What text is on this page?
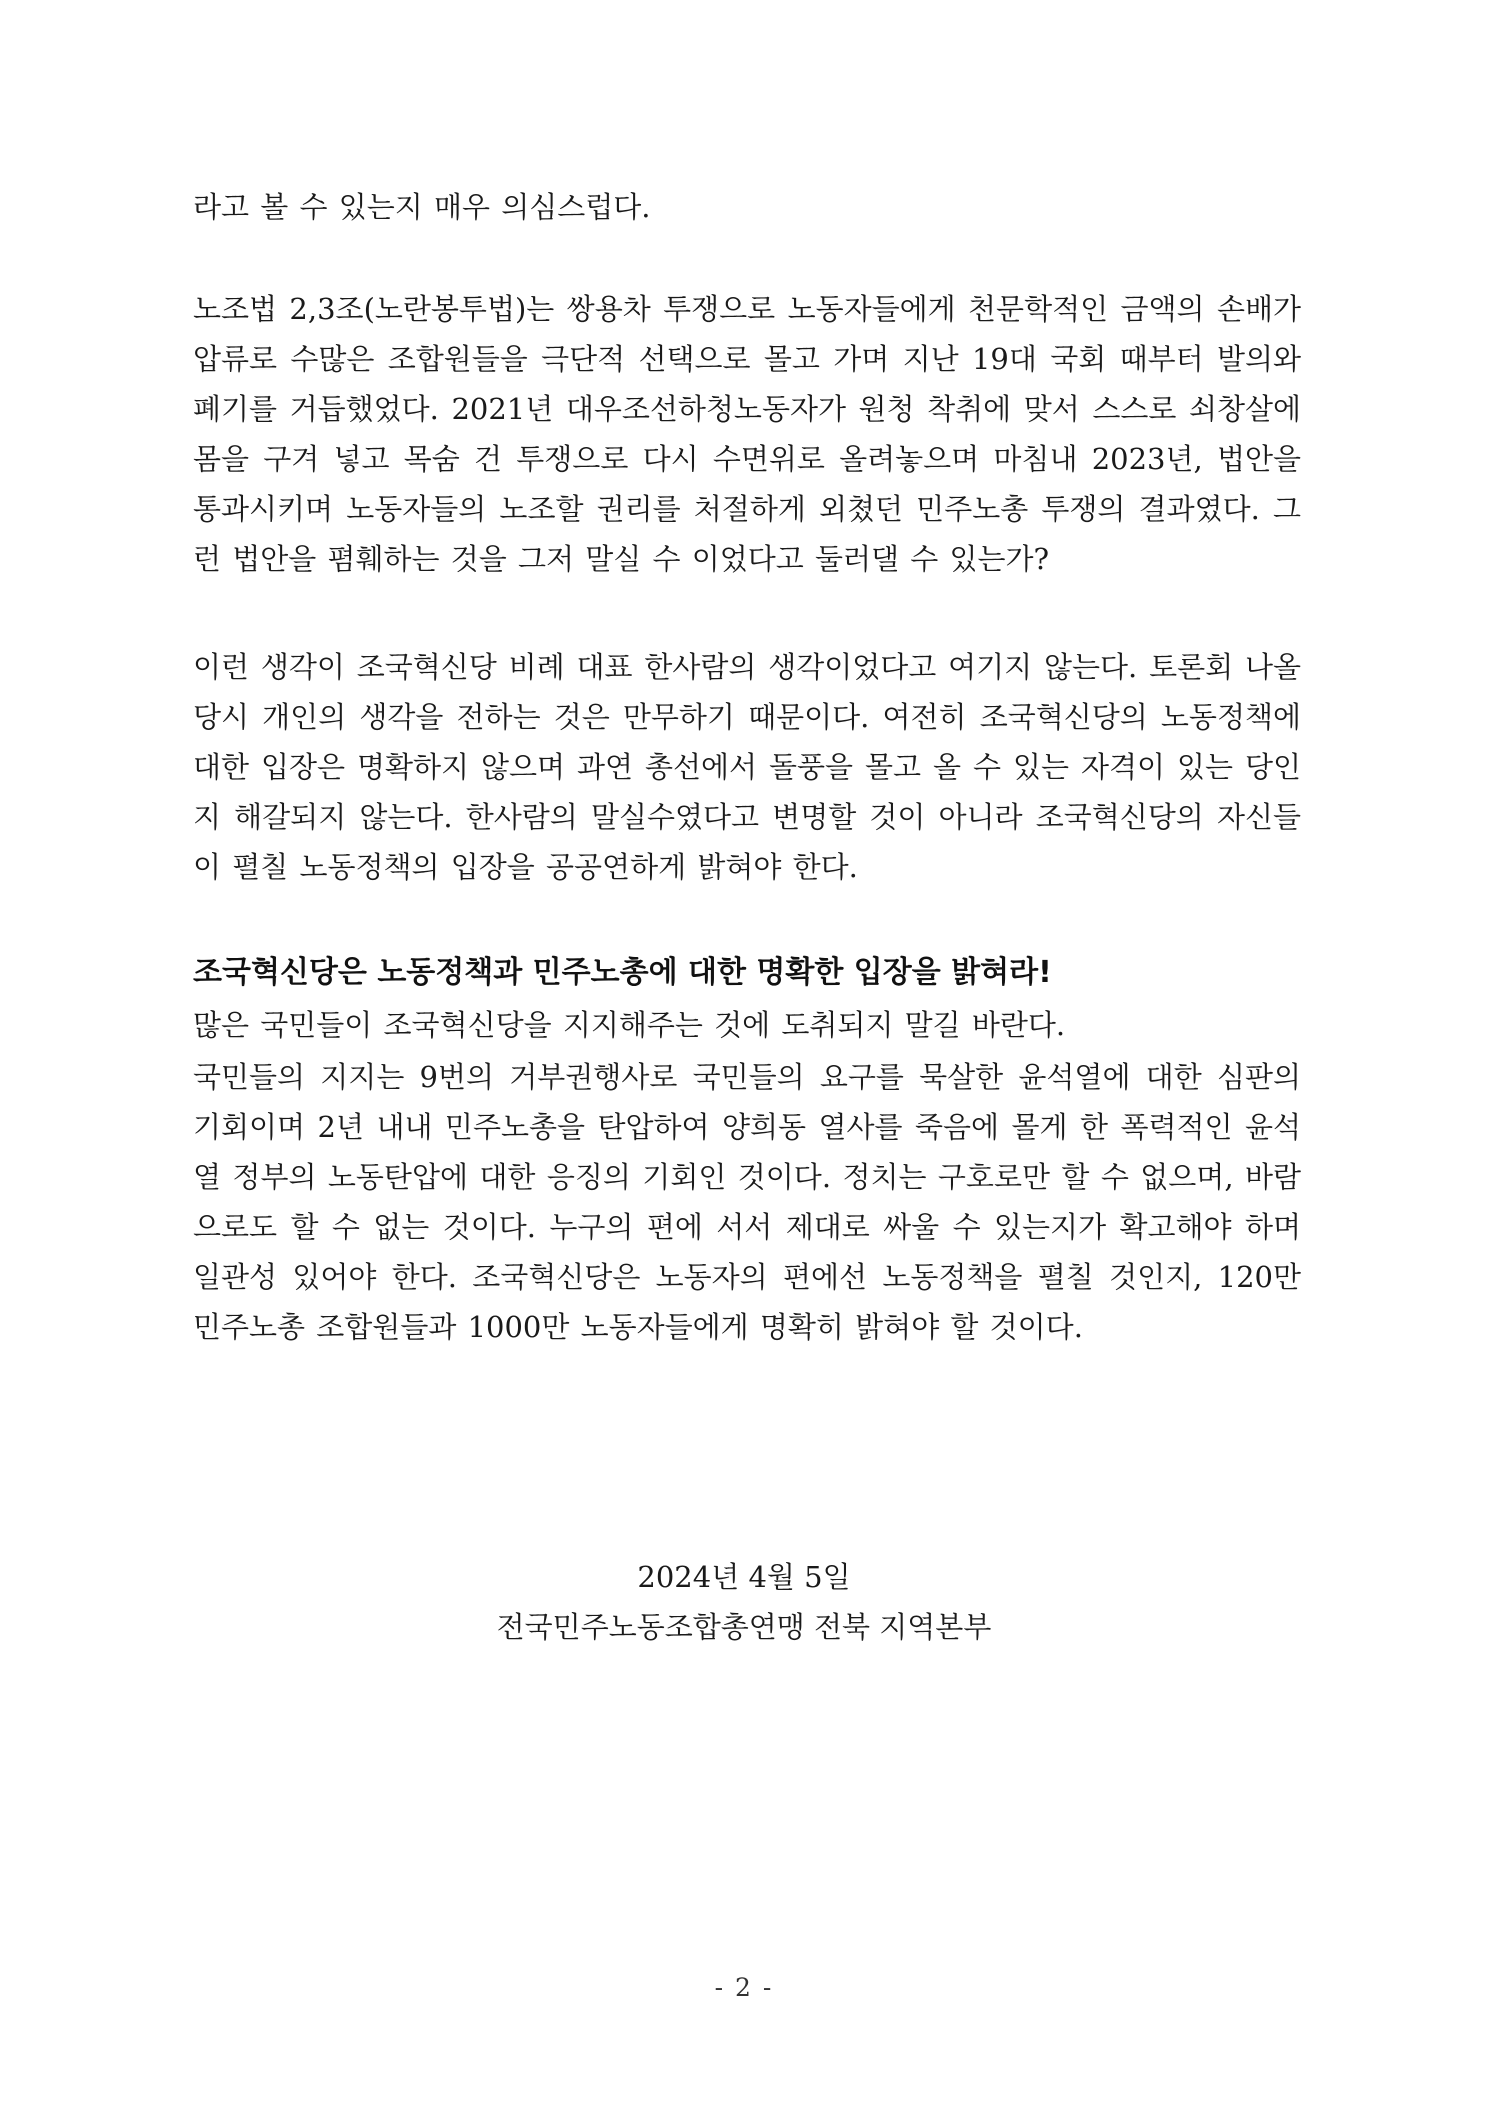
라고 볼 수 있는지 매우 의심스럽다.

노조법 2,3조(노란봉투법)는 쌍용차 투쟁으로 노동자들에게 천문학적인 금액의 손배가압류로 수많은 조합원들을 극단적 선택으로 몰고 가며 지난 19대 국회 때부터 발의와 폐기를 거듭했었다. 2021년 대우조선하청노동자가 원청 착취에 맞서 스스로 쇠창살에 몸을 구겨 넣고 목숨 건 투쟁으로 다시 수면위로 올려놓으며 마침내 2023년, 법안을 통과시키며 노동자들의 노조할 권리를 처절하게 외쳤던 민주노총 투쟁의 결과였다. 그런 법안을 폄훼하는 것을 그저 말실 수 이었다고 둘러댈 수 있는가?

이런 생각이 조국혁신당 비례 대표 한사람의 생각이었다고 여기지 않는다. 토론회 나올 당시 개인의 생각을 전하는 것은 만무하기 때문이다. 여전히 조국혁신당의 노동정책에 대한 입장은 명확하지 않으며 과연 총선에서 돌풍을 몰고 올 수 있는 자격이 있는 당인지 해갈되지 않는다. 한사람의 말실수였다고 변명할 것이 아니라 조국혁신당의 자신들이 펼칠 노동정책의 입장을 공공연하게 밝혀야 한다.

조국혁신당은 노동정책과 민주노총에 대한 명확한 입장을 밝혀라!

많은 국민들이 조국혁신당을 지지해주는 것에 도취되지 말길 바란다.

국민들의 지지는 9번의 거부권행사로 국민들의 요구를 묵살한 윤석열에 대한 심판의 기회이며 2년 내내 민주노총을 탄압하여 양희동 열사를 죽음에 몰게 한 폭력적인 윤석열 정부의 노동탄압에 대한 응징의 기회인 것이다. 정치는 구호로만 할 수 없으며, 바람으로도 할 수 없는 것이다. 누구의 편에 서서 제대로 싸울 수 있는지가 확고해야 하며 일관성 있어야 한다. 조국혁신당은 노동자의 편에선 노동정책을 펼칠 것인지, 120만 민주노총 조합원들과 1000만 노동자들에게 명확히 밝혀야 할 것이다.

2024년 4월 5일
전국민주노동조합총연맹 전북 지역본부
- 2 -
